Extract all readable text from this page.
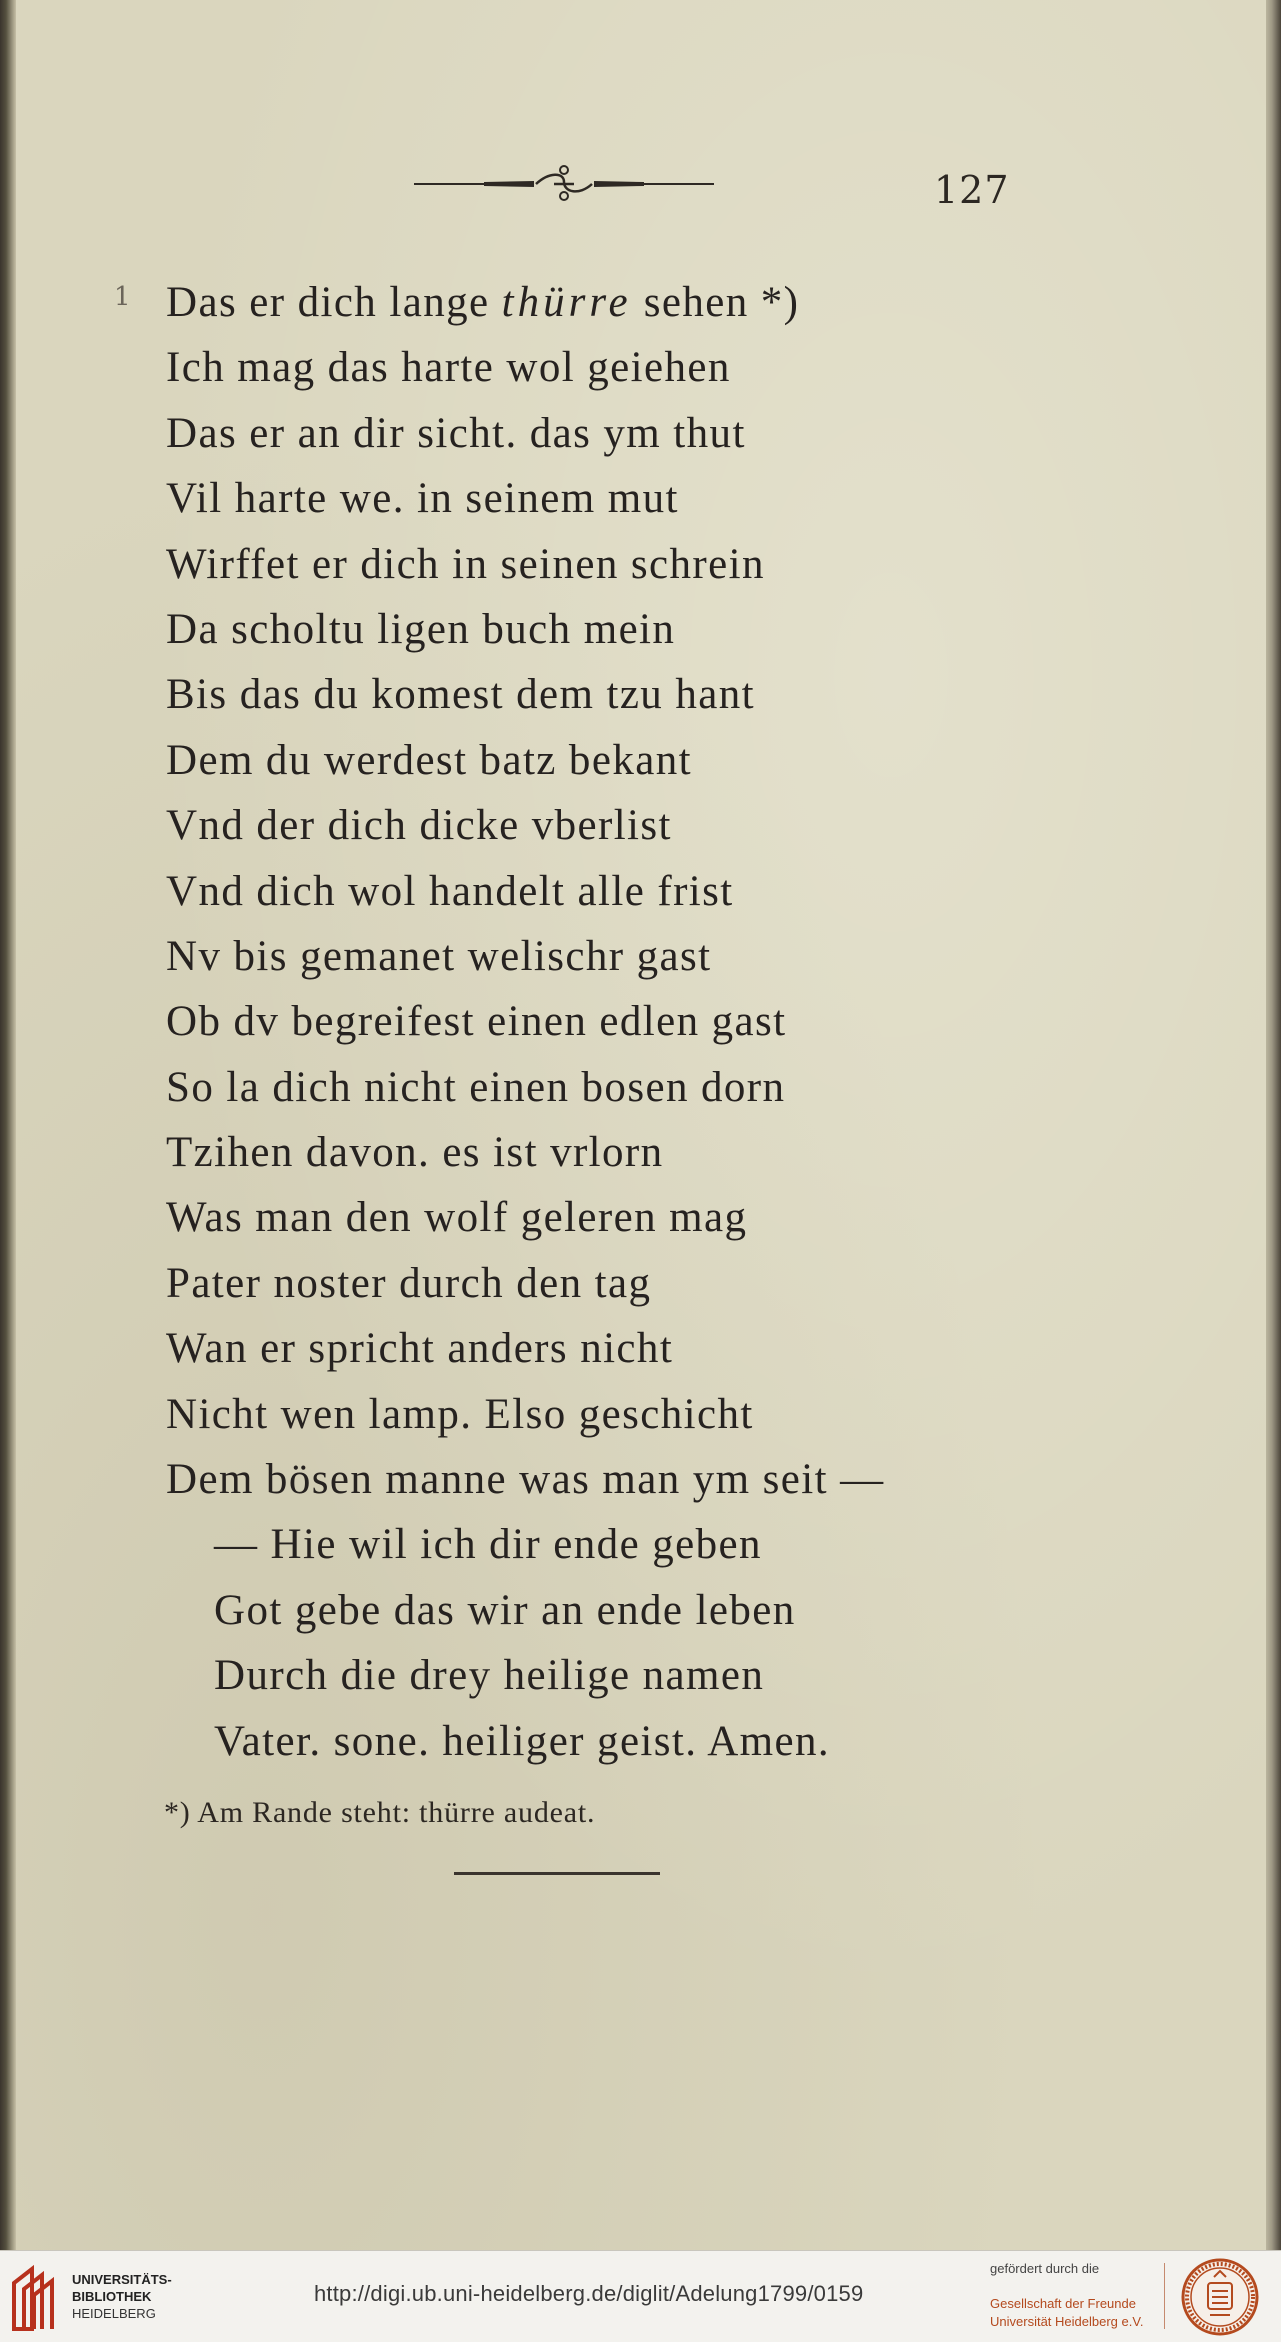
127
1 Das er dich lange thürre sehen *)
Ich mag das harte wol geiehen
Das er an dir sicht. das ym thut
Vil harte we. in seinem mut
Wirffet er dich in seinen schrein
Da scholtu ligen buch mein
Bis das du komest dem tzu hant
Dem du werdest batz bekant
Vnd der dich dicke vberlist
Vnd dich wol handelt alle frist
Nv bis gemanet welischr gast
Ob dv begreifest einen edlen gast
So la dich nicht einen bosen dorn
Tzihen davon. es ist vrlorn
Was man den wolf geleren mag
Pater noster durch den tag
Wan er spricht anders nicht
Nicht wen lamp. Elso geschicht
Dem bösen manne was man ym seit —
— Hie wil ich dir ende geben
Got gebe das wir an ende leben
Durch die drey heilige namen
Vater. sone. heiliger geist. Amen.
*) Am Rande steht: thürre audeat.
UNIVERSITÄTS-
BIBLIOTHEK
HEIDELBERG
http://digi.ub.uni-heidelberg.de/diglit/Adelung1799/0159
gefördert durch die
Gesellschaft der Freunde
Universität Heidelberg e.V.
